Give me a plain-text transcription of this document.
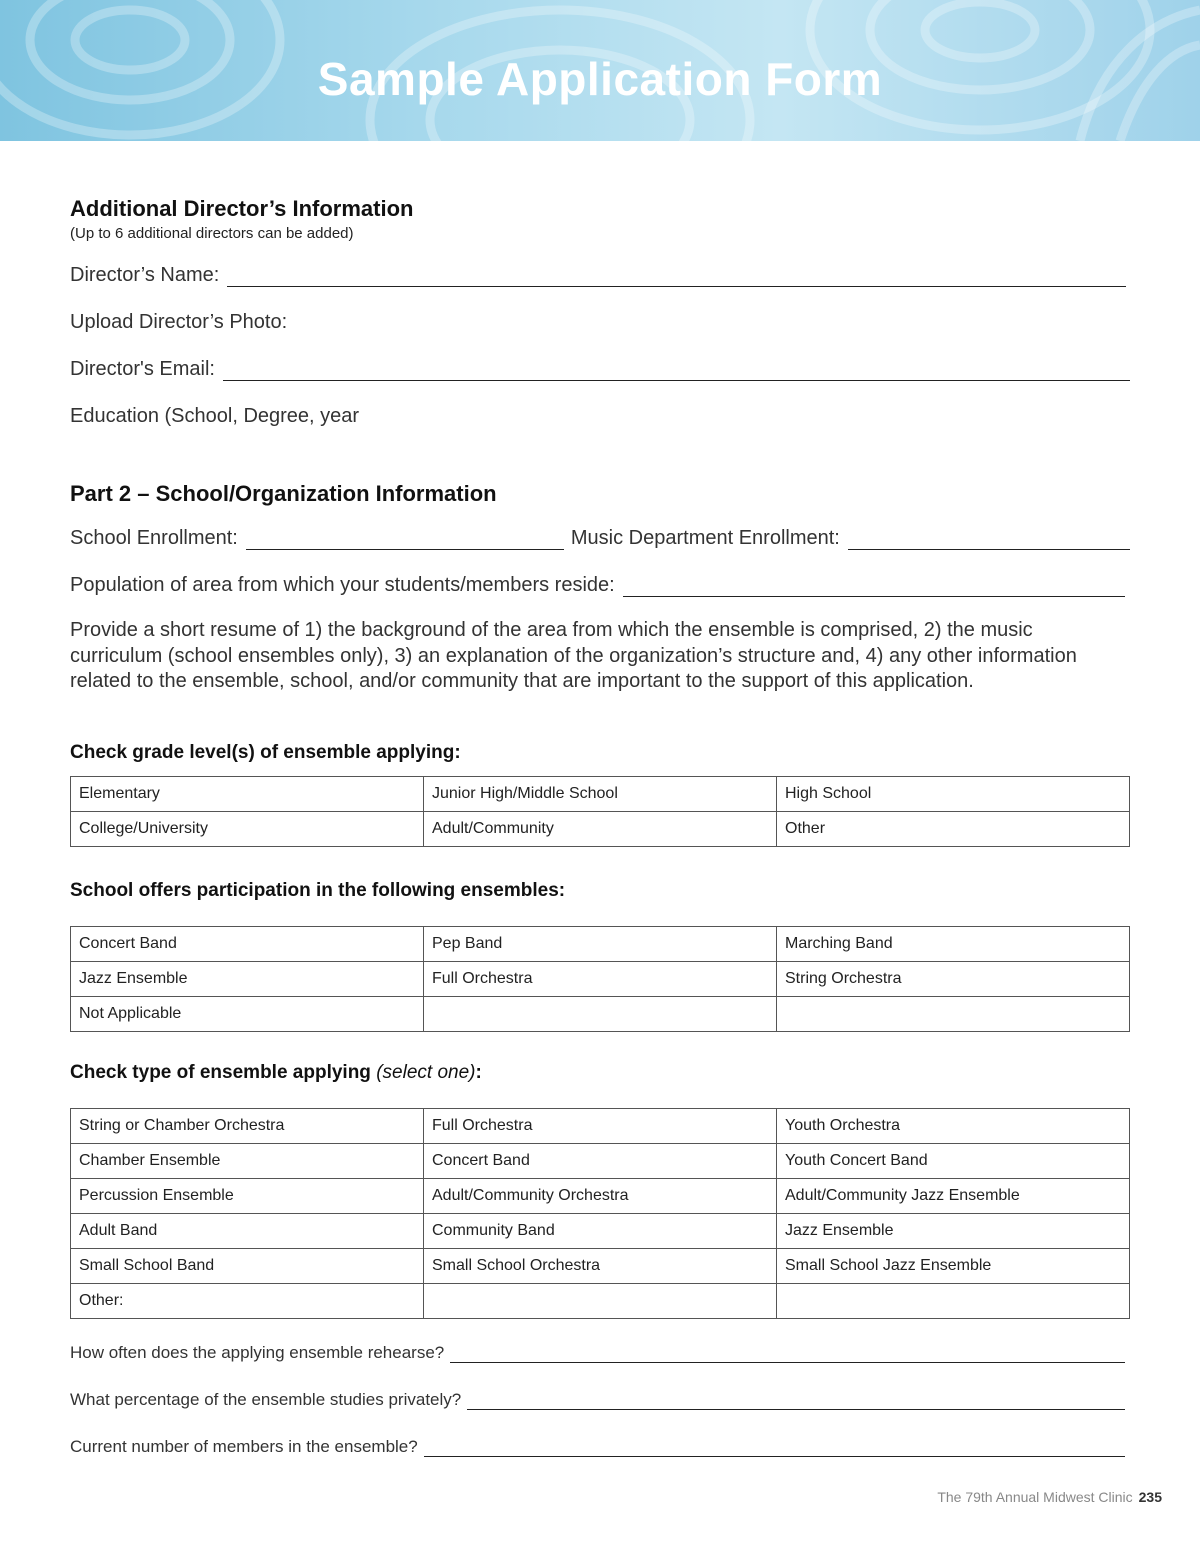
Sample Application Form
Additional Director’s Information
(Up to 6 additional directors can be added)
Director’s Name:
Upload Director’s Photo:
Director's Email:
Education (School, Degree, year
Part 2 – School/Organization Information
School Enrollment:	Music Department Enrollment:
Population of area from which your students/members reside:
Provide a short resume of 1) the background of the area from which the ensemble is comprised, 2) the music curriculum (school ensembles only), 3) an explanation of the organization’s structure and, 4) any other information related to the ensemble, school, and/or community that are important to the support of this application.
Check grade level(s) of ensemble applying:
Elementary	Junior High/Middle School	High School
College/University	Adult/Community	Other
School offers participation in the following ensembles:
Concert Band	Pep Band	Marching Band
Jazz Ensemble	Full Orchestra	String Orchestra
Not Applicable		
Check type of ensemble applying (select one):
String or Chamber Orchestra	Full Orchestra	Youth Orchestra
Chamber Ensemble	Concert Band	Youth Concert Band
Percussion Ensemble	Adult/Community Orchestra	Adult/Community Jazz Ensemble
Adult Band	Community Band	Jazz Ensemble
Small School Band	Small School Orchestra	Small School Jazz Ensemble
Other:		
How often does the applying ensemble rehearse?
What percentage of the ensemble studies privately?
Current number of members in the ensemble?
The 79th Annual Midwest Clinic 235
